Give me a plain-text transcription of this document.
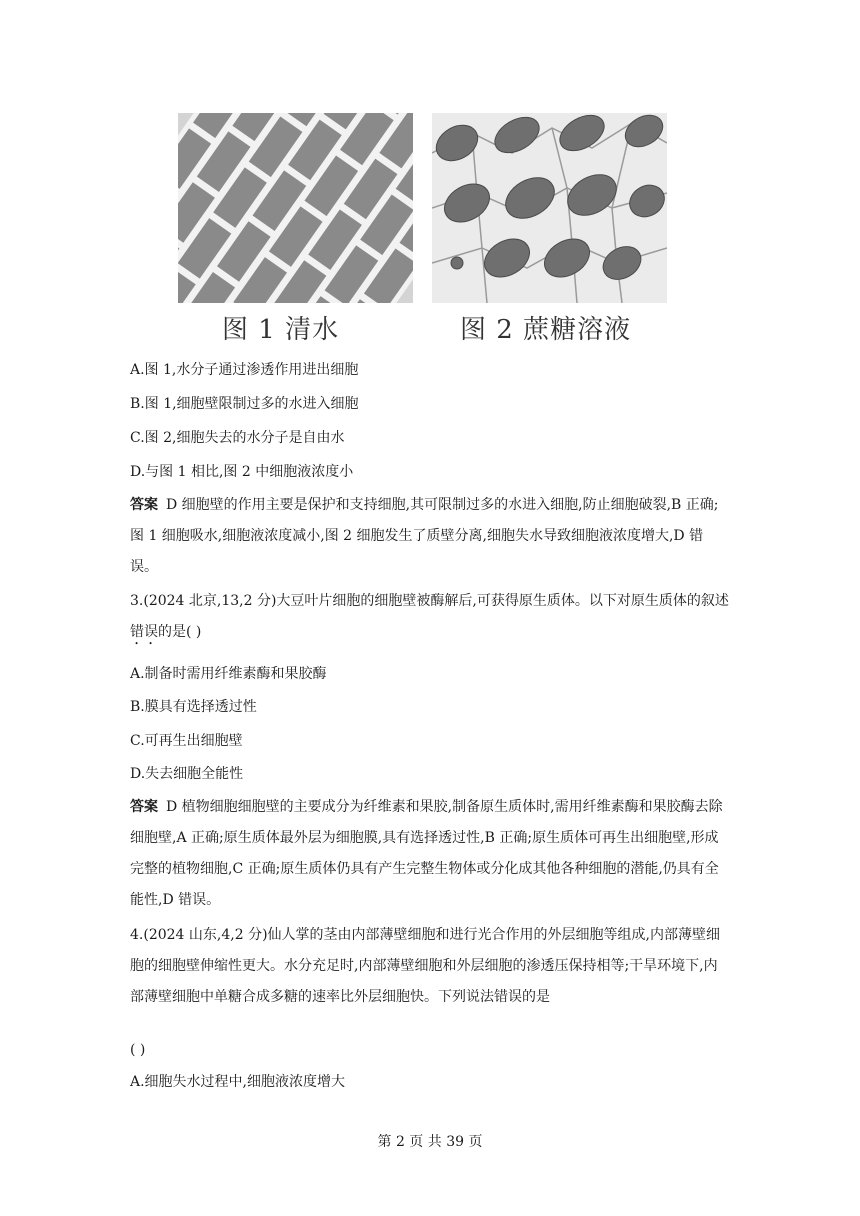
图 1 清水	图 2 蔗糖溶液
A.图 1,水分子通过渗透作用进出细胞
B.图 1,细胞壁限制过多的水进入细胞
C.图 2,细胞失去的水分子是自由水
D.与图 1 相比,图 2 中细胞液浓度小
答案 D 细胞壁的作用主要是保护和支持细胞,其可限制过多的水进入细胞,防止细胞破裂,B 正确;图 1 细胞吸水,细胞液浓度减小,图 2 细胞发生了质壁分离,细胞失水导致细胞液浓度增大,D 错误。
3.(2024 北京,13,2 分)大豆叶片细胞的细胞壁被酶解后,可获得原生质体。以下对原生质体的叙述错误的是( )
A.制备时需用纤维素酶和果胶酶
B.膜具有选择透过性
C.可再生出细胞壁
D.失去细胞全能性
答案 D 植物细胞细胞壁的主要成分为纤维素和果胶,制备原生质体时,需用纤维素酶和果胶酶去除细胞壁,A 正确;原生质体最外层为细胞膜,具有选择透过性,B 正确;原生质体可再生出细胞壁,形成完整的植物细胞,C 正确;原生质体仍具有产生完整生物体或分化成其他各种细胞的潜能,仍具有全能性,D 错误。
4.(2024 山东,4,2 分)仙人掌的茎由内部薄壁细胞和进行光合作用的外层细胞等组成,内部薄壁细胞的细胞壁伸缩性更大。水分充足时,内部薄壁细胞和外层细胞的渗透压保持相等;干旱环境下,内部薄壁细胞中单糖合成多糖的速率比外层细胞快。下列说法错误的是
( )
A.细胞失水过程中,细胞液浓度增大
第 2 页 共 39 页
